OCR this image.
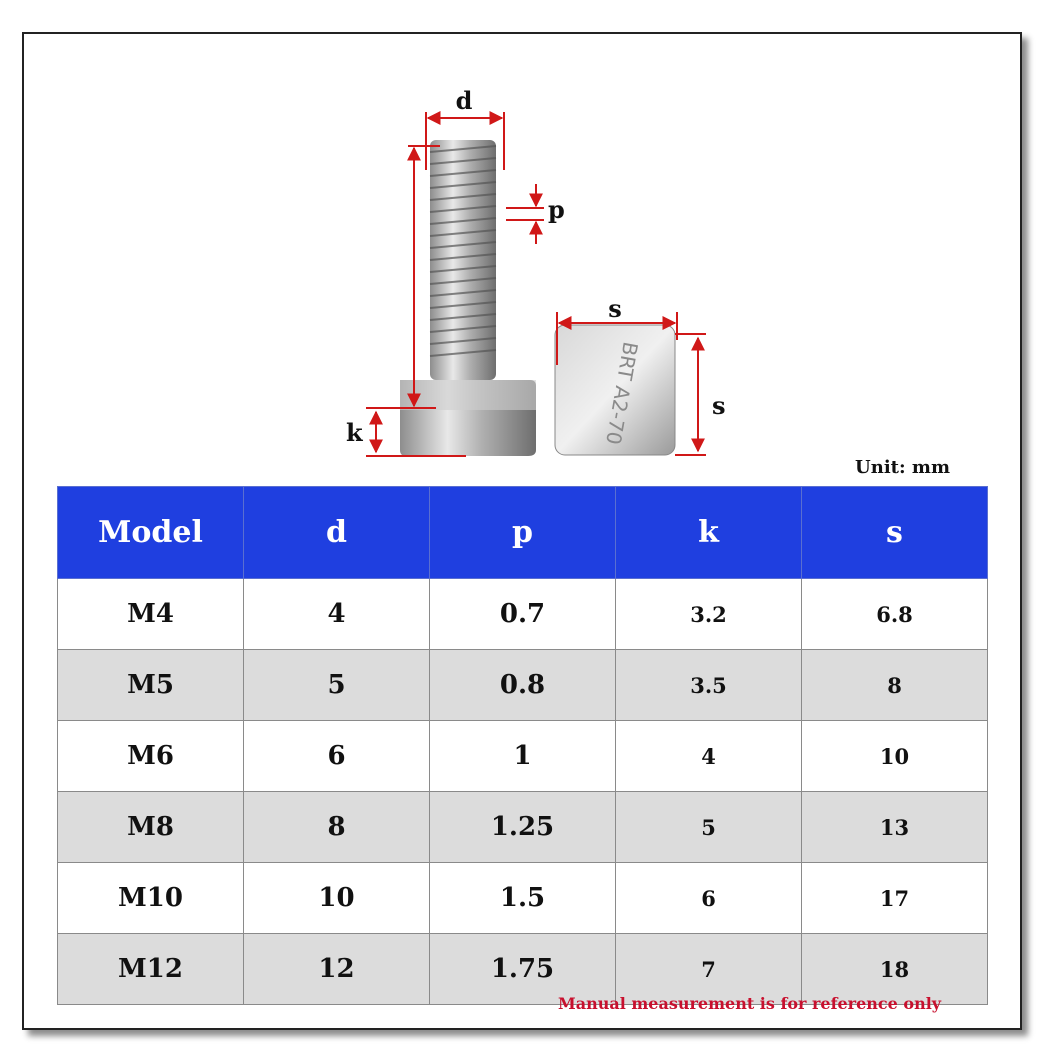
BRT A2-70
d
p
k
s
s
Unit: mm
Model	d	p	k	s
M4	4	0.7	3.2	6.8
M5	5	0.8	3.5	8
M6	6	1	4	10
M8	8	1.25	5	13
M10	10	1.5	6	17
M12	12	1.75	7	18
Manual measurement is for reference only
